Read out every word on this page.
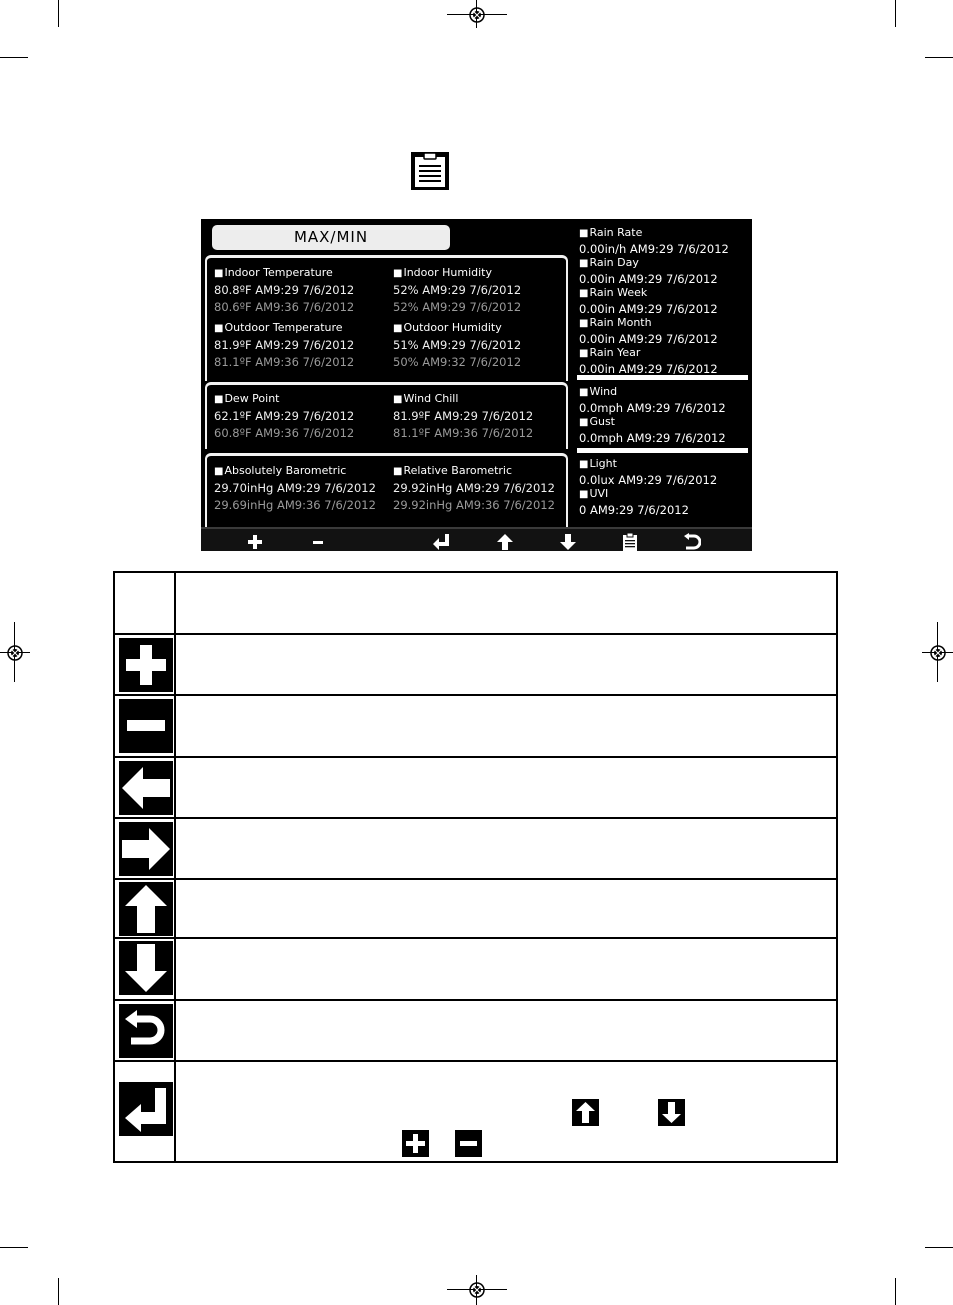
MAX/MIN
■ Indoor Temperature
80.8ºF AM9:29 7/6/2012
80.6ºF AM9:36 7/6/2012
■ Indoor Humidity
52% AM9:29 7/6/2012
52% AM9:29 7/6/2012
■ Outdoor Temperature
81.9ºF AM9:29 7/6/2012
81.1ºF AM9:36 7/6/2012
■ Outdoor Humidity
51% AM9:29 7/6/2012
50% AM9:32 7/6/2012
■ Dew Point
62.1ºF AM9:29 7/6/2012
60.8ºF AM9:36 7/6/2012
■ Wind Chill
81.9ºF AM9:29 7/6/2012
81.1ºF AM9:36 7/6/2012
■ Absolutely Barometric
29.70inHg AM9:29 7/6/2012
29.69inHg AM9:36 7/6/2012
■ Relative Barometric
29.92inHg AM9:29 7/6/2012
29.92inHg AM9:36 7/6/2012
■ Rain Rate
0.00in/h AM9:29 7/6/2012
■ Rain Day
0.00in AM9:29 7/6/2012
■ Rain Week
0.00in AM9:29 7/6/2012
■ Rain Month
0.00in AM9:29 7/6/2012
■ Rain Year
0.00in AM9:29 7/6/2012
■ Wind
0.0mph AM9:29 7/6/2012
■ Gust
0.0mph AM9:29 7/6/2012
■ Light
0.0lux AM9:29 7/6/2012
■ UVI
0 AM9:29 7/6/2012
